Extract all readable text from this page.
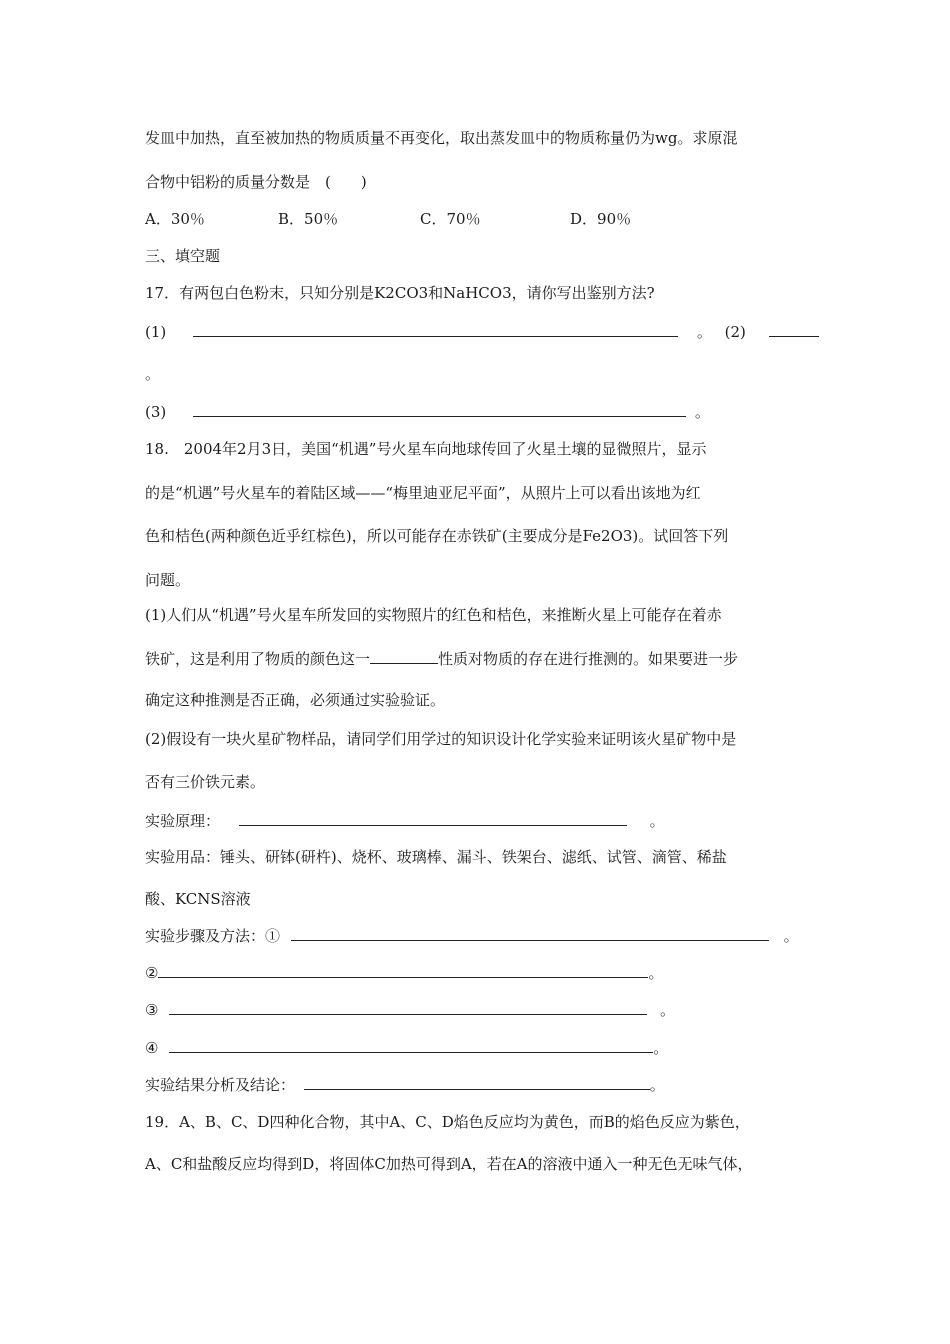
发皿中加热，直至被加热的物质质量不再变化，取出蒸发皿中的物质称量仍为wg。求原混
合物中铝粉的质量分数是　(　　)
A．30％	B．50％	C．70％	D．90％
三、填空题
17．有两包白色粉末，只知分别是K2CO3和NaHCO3，请你写出鉴别方法?
(1)	。 (2)
。
(3)	。
18.　2004年2月3日，美国“机遇”号火星车向地球传回了火星土壤的显微照片，显示
的是“机遇”号火星车的着陆区域——“梅里迪亚尼平面”，从照片上可以看出该地为红
色和桔色(两种颜色近乎红棕色)，所以可能存在赤铁矿(主要成分是Fe2O3)。试回答下列
问题。
(1)人们从“机遇”号火星车所发回的实物照片的红色和桔色，来推断火星上可能存在着赤
铁矿，这是利用了物质的颜色这一	性质对物质的存在进行推测的。如果要进一步
确定这种推测是否正确，必须通过实验验证。
(2)假设有一块火星矿物样品，请同学们用学过的知识设计化学实验来证明该火星矿物中是
否有三价铁元素。
实验原理：	。
实验用品：锤头、研钵(研杵)、烧杯、玻璃棒、漏斗、铁架台、滤纸、试管、滴管、稀盐
酸、KCNS溶液
实验步骤及方法：①	。
②	。
③	。
④	。
实验结果分析及结论：	。
19．A、B、C、D四种化合物，其中A、C、D焰色反应均为黄色，而B的焰色反应为紫色，
A、C和盐酸反应均得到D，将固体C加热可得到A，若在A的溶液中通入一种无色无味气体，
